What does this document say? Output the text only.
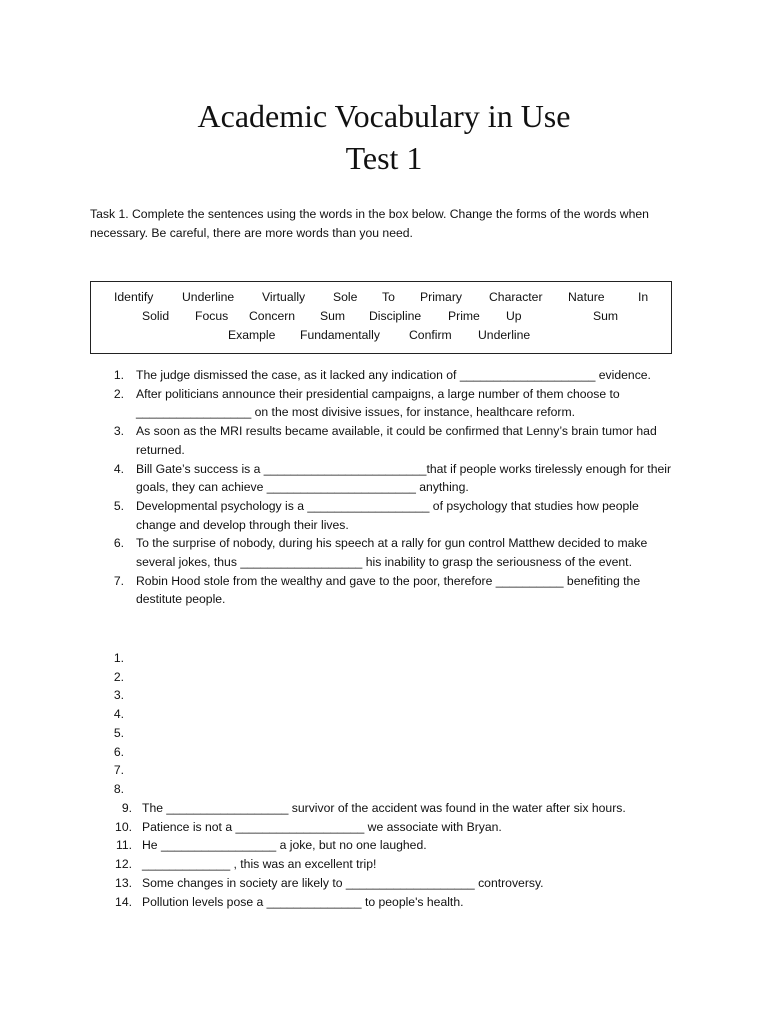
Academic Vocabulary in Use
Test 1
Task 1. Complete the sentences using the words in the box below. Change the forms of the words when necessary. Be careful, there are more words than you need.
Identify Underline Virtually Sole To Primary Character Nature	In
Solid Focus Concern Sum Discipline Prime Up	Sum
Example Fundamentally Confirm Underline
1. The judge dismissed the case, as it lacked any indication of ____________________ evidence.
2. After politicians announce their presidential campaigns, a large number of them choose to _________________ on the most divisive issues, for instance, healthcare reform.
3. As soon as the MRI results became available, it could be confirmed that Lenny’s brain tumor had returned.
4. Bill Gate’s success is a ________________________that if people works tirelessly enough for their goals, they can achieve ______________________ anything.
5. Developmental psychology is a __________________ of psychology that studies how people change and develop through their lives.
6. To the surprise of nobody, during his speech at a rally for gun control Matthew decided to make several jokes, thus __________________ his inability to grasp the seriousness of the event.
7. Robin Hood stole from the wealthy and gave to the poor, therefore __________ benefiting the destitute people.
1.
2.
3.
4.
5.
6.
7.
8.
9. The __________________ survivor of the accident was found in the water after six hours.
10. Patience is not a ___________________ we associate with Bryan.
11. He _________________ a joke, but no one laughed.
12. _____________ , this was an excellent trip!
13. Some changes in society are likely to ___________________ controversy.
14. Pollution levels pose a ______________ to people's health.
